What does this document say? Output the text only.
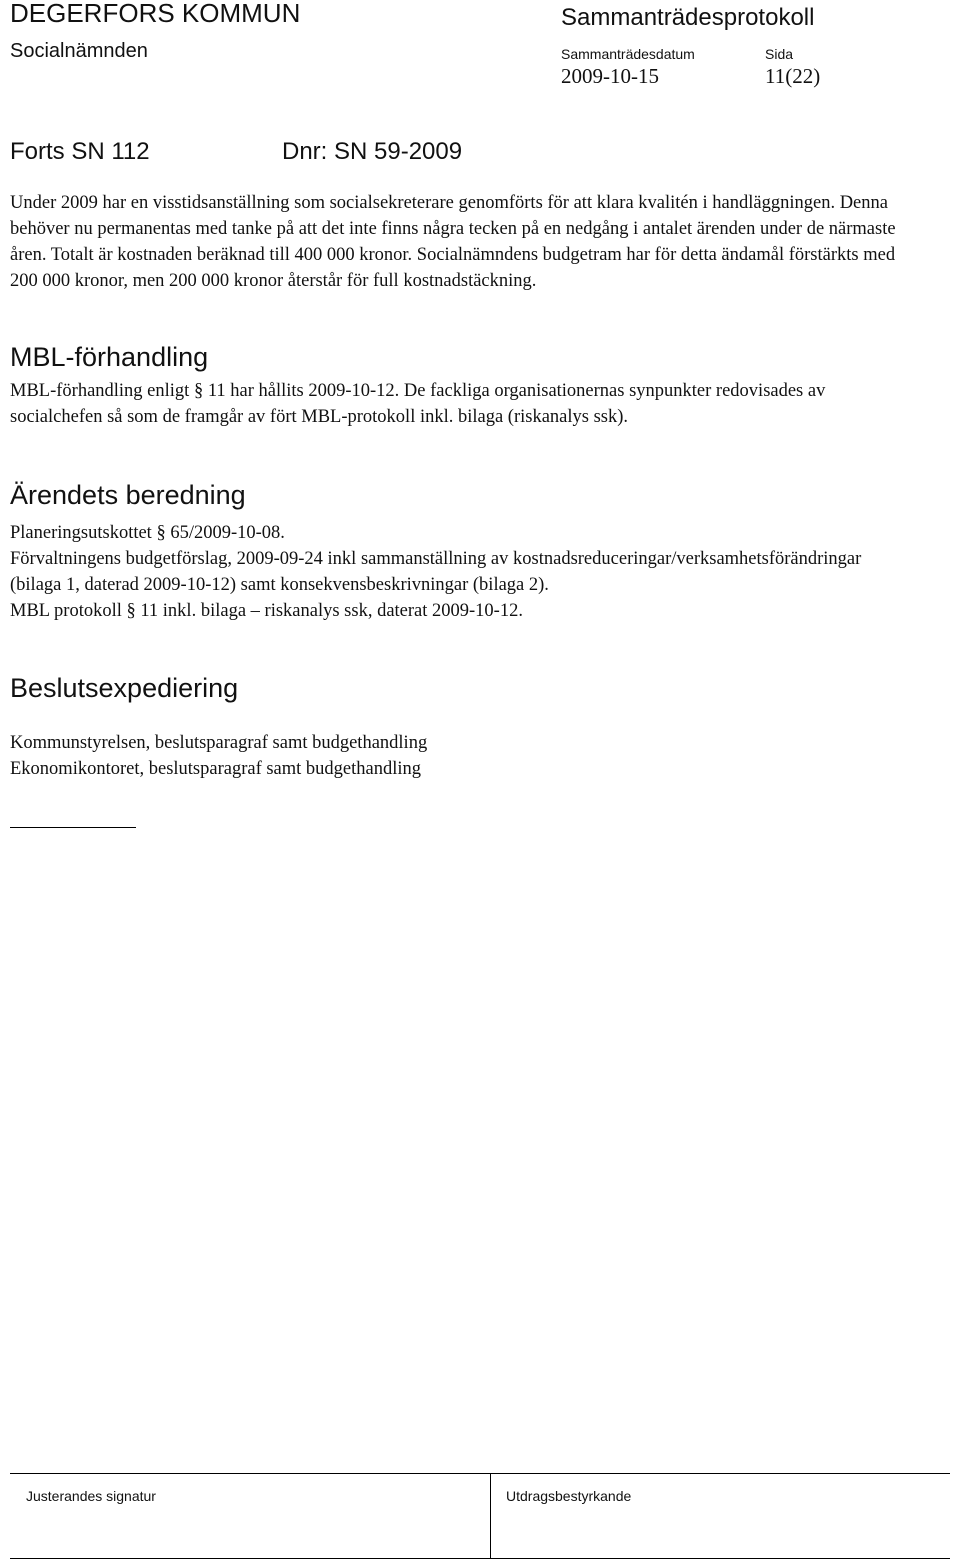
DEGERFORS KOMMUN
Socialnämnden
Sammanträdesprotokoll
Sammanträdesdatum	Sida
2009-10-15	11(22)
Forts SN 112	Dnr: SN 59-2009
Under 2009 har en visstidsanställning som socialsekreterare genomförts för att klara kvalitén i handläggningen. Denna behöver nu permanentas med tanke på att det inte finns några tecken på en nedgång i antalet ärenden under de närmaste åren. Totalt är kostnaden beräknad till 400 000 kronor. Socialnämndens budgetram har för detta ändamål förstärkts med 200 000 kronor, men 200 000 kronor återstår för full kostnadstäckning.
MBL-förhandling
MBL-förhandling enligt § 11 har hållits 2009-10-12. De fackliga organisationernas synpunkter redovisades av socialchefen så som de framgår av fört MBL-protokoll inkl. bilaga (riskanalys ssk).
Ärendets beredning
Planeringsutskottet § 65/2009-10-08.
Förvaltningens budgetförslag, 2009-09-24 inkl sammanställning av kostnadsreduceringar/verksamhetsförändringar (bilaga 1, daterad 2009-10-12) samt konsekvensbeskrivningar (bilaga 2).
MBL protokoll § 11 inkl. bilaga – riskanalys ssk, daterat 2009-10-12.
Beslutsexpediering
Kommunstyrelsen, beslutsparagraf samt budgethandling
Ekonomikontoret, beslutsparagraf samt budgethandling
Justerandes signatur	Utdragsbestyrkande
